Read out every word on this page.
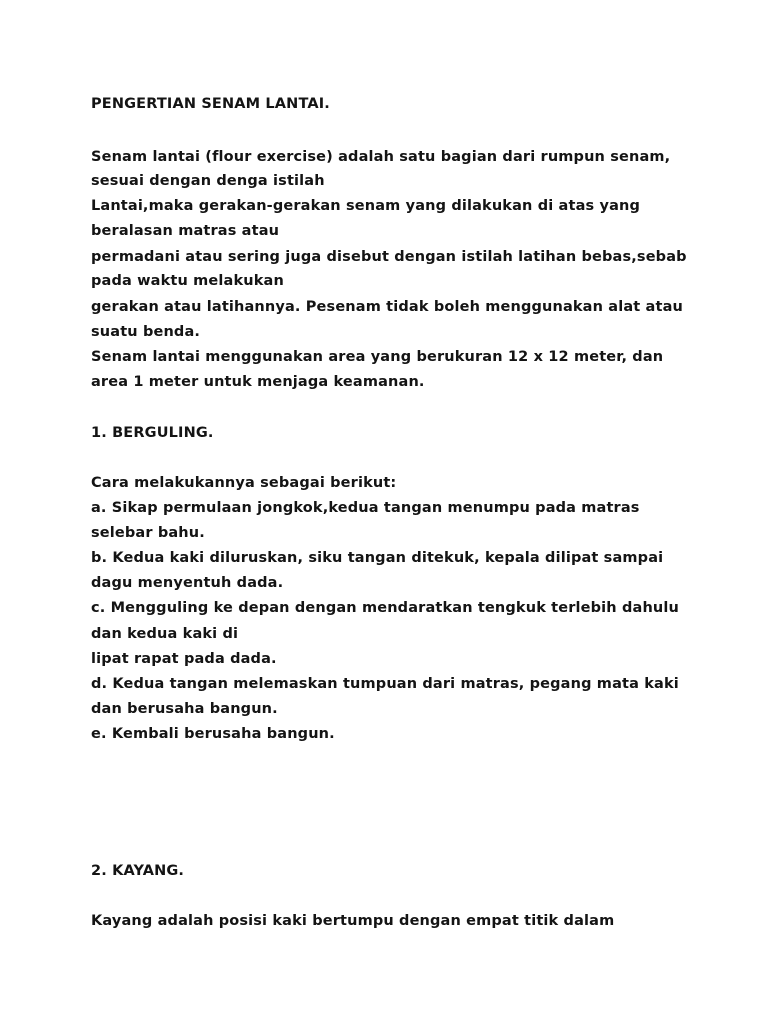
PENGERTIAN SENAM LANTAI.

Senam lantai (flour exercise) adalah satu bagian dari rumpun senam,

sesuai dengan denga istilah

Lantai,maka gerakan-gerakan senam yang dilakukan di atas yang

beralasan matras atau

permadani atau sering juga disebut dengan istilah latihan bebas,sebab

pada waktu melakukan

gerakan atau latihannya. Pesenam tidak boleh menggunakan alat atau

suatu benda.

Senam lantai menggunakan area yang berukuran 12 x 12 meter, dan

area 1 meter untuk menjaga keamanan.

1. BERGULING.

Cara melakukannya sebagai berikut:

a. Sikap permulaan jongkok,kedua tangan menumpu pada matras

selebar bahu.

b. Kedua kaki diluruskan, siku tangan ditekuk, kepala dilipat sampai

dagu menyentuh dada.

c. Mengguling ke depan dengan mendaratkan tengkuk terlebih dahulu

dan kedua kaki di

lipat rapat pada dada.

d. Kedua tangan melemaskan tumpuan dari matras, pegang mata kaki

dan berusaha bangun.

e. Kembali berusaha bangun.

2. KAYANG.

Kayang adalah posisi kaki bertumpu dengan empat titik dalam
